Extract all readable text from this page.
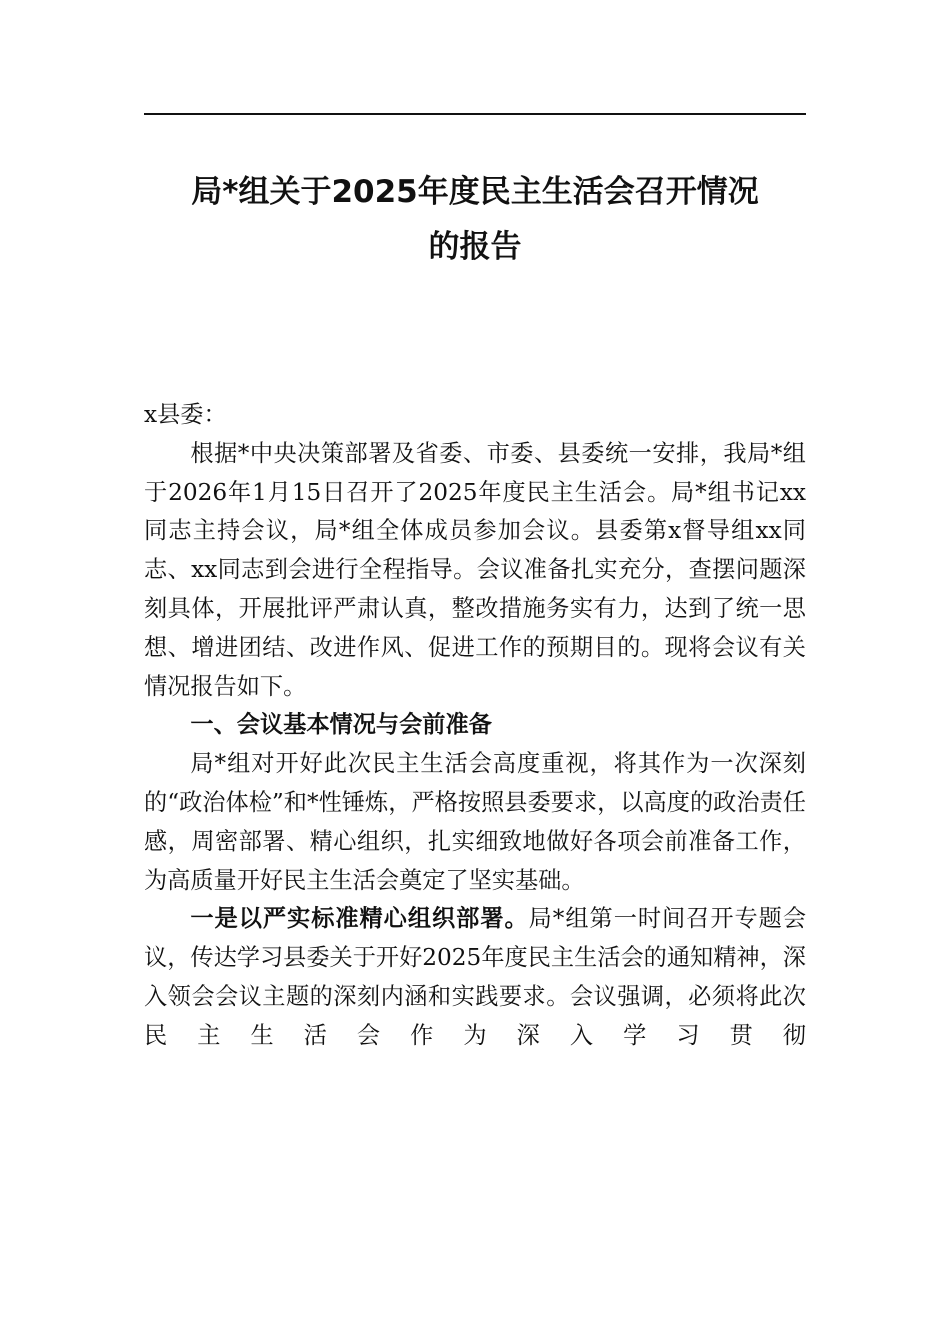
局*组关于2025年度民主生活会召开情况
的报告

x县委：

根据*中央决策部署及省委、市委、县委统一安排，我局*组于2026年1月15日召开了2025年度民主生活会。局*组书记xx同志主持会议，局*组全体成员参加会议。县委第x督导组xx同志、xx同志到会进行全程指导。会议准备扎实充分，查摆问题深刻具体，开展批评严肃认真，整改措施务实有力，达到了统一思想、增进团结、改进作风、促进工作的预期目的。现将会议有关情况报告如下。

一、会议基本情况与会前准备

局*组对开好此次民主生活会高度重视，将其作为一次深刻的“政治体检”和*性锤炼，严格按照县委要求，以高度的政治责任感，周密部署、精心组织，扎实细致地做好各项会前准备工作，为高质量开好民主生活会奠定了坚实基础。

一是以严实标准精心组织部署。局*组第一时间召开专题会议，传达学习县委关于开好2025年度民主生活会的通知精神，深入领会会议主题的深刻内涵和实践要求。会议强调，必须将此次民主生活会作为深入学习贯彻
